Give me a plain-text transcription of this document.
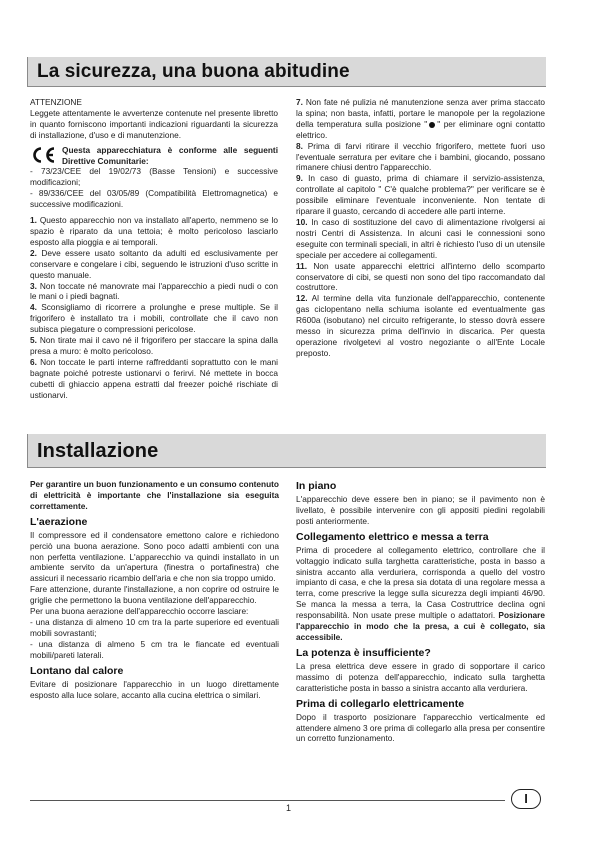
La sicurezza, una buona abitudine

ATTENZIONE

Leggete attentamente le avvertenze contenute nel presente libretto in quanto forniscono importanti indicazioni riguardanti la sicurezza di installazione, d'uso e di manutenzione.

Questa apparecchiatura è conforme alle seguenti Direttive Comunitarie:

- 73/23/CEE del 19/02/73 (Basse Tensioni) e successive modificazioni;

- 89/336/CEE del 03/05/89 (Compatibilità Elettromagnetica) e successive modificazioni.

1. Questo apparecchio non va installato all'aperto, nemmeno se lo spazio è riparato da una tettoia; è molto pericoloso lasciarlo esposto alla pioggia e ai temporali.

2. Deve essere usato soltanto da adulti ed esclusivamente per conservare e congelare i cibi, seguendo le istruzioni d'uso scritte in questo manuale.

3. Non toccate né manovrate mai l'apparecchio a piedi nudi o con le mani o i piedi bagnati.

4. Sconsigliamo di ricorrere a prolunghe e prese multiple. Se il frigorifero è installato tra i mobili, controllate che il cavo non subisca piegature o compressioni pericolose.

5. Non tirate mai il cavo né il frigorifero per staccare la spina dalla presa a muro: è molto pericoloso.

6. Non toccate le parti interne raffreddanti soprattutto con le mani bagnate poiché potreste ustionarvi o ferirvi. Né mettete in bocca cubetti di ghiaccio appena estratti dal freezer poiché rischiate di ustionarvi.

7. Non fate né pulizia né manutenzione senza aver prima staccato la spina; non basta, infatti, portare le manopole per la regolazione della temperatura sulla posizione " " per eliminare ogni contatto elettrico.

8. Prima di farvi ritirare il vecchio frigorifero, mettete fuori uso l'eventuale serratura per evitare che i bambini, giocando, possano rimanere chiusi dentro l'apparecchio.

9. In caso di guasto, prima di chiamare il servizio-assistenza, controllate al capitolo " C'è qualche problema?" per verificare se è possibile eliminare l'eventuale inconveniente. Non tentate di riparare il guasto, cercando di accedere alle parti interne.

10. In caso di sostituzione del cavo di alimentazione rivolgersi ai nostri Centri di Assistenza. In alcuni casi le connessioni sono eseguite con terminali speciali, in altri è richiesto l'uso di un utensile speciale per accedere ai collegamenti.

11. Non usate apparecchi elettrici all'interno dello scomparto conservatore di cibi, se questi non sono del tipo raccomandato dal costruttore.

12. Al termine della vita funzionale dell'apparecchio, contenente gas ciclopentano nella schiuma isolante ed eventualmente gas R600a (isobutano) nel circuito refrigerante, lo stesso dovrà essere messo in sicurezza prima dell'invio in discarica. Per questa operazione rivolgetevi al vostro negoziante o all'Ente Locale preposto.

Installazione

Per garantire un buon funzionamento e un consumo contenuto di elettricità è importante che l'installazione sia eseguita correttamente.

L'aerazione

Il compressore ed il condensatore emettono calore e richiedono perciò una buona aerazione. Sono poco adatti ambienti con una non perfetta ventilazione. L'apparecchio va quindi installato in un ambiente servito da un'apertura (finestra o portafinestra) che assicuri il necessario ricambio dell'aria e che non sia troppo umido.

Fare attenzione, durante l'installazione, a non coprire od ostruire le griglie che permettono la buona ventilazione dell'apparecchio.

Per una buona aerazione dell'apparecchio occorre lasciare:

- una distanza di almeno 10 cm tra la parte superiore ed eventuali mobili sovrastanti;

- una distanza di almeno 5 cm tra le fiancate ed eventuali mobili/pareti laterali.

Lontano dal calore

Evitare di posizionare l'apparecchio in un luogo direttamente esposto alla luce solare, accanto alla cucina elettrica o similari.

In piano

L'apparecchio deve essere ben in piano; se il pavimento non è livellato, è possibile intervenire con gli appositi piedini regolabili posti anteriormente.

Collegamento elettrico e messa a terra

Prima di procedere al collegamento elettrico, controllare che il voltaggio indicato sulla targhetta caratteristiche, posta in basso a sinistra accanto alla verduriera, corrisponda a quello del vostro impianto di casa, e che la presa sia dotata di una regolare messa a terra, come prescrive la legge sulla sicurezza degli impianti 46/90. Se manca la messa a terra, la Casa Costruttrice declina ogni responsabilità. Non usate prese multiple o adattatori. Posizionare l'apparecchio in modo che la presa, a cui è collegato, sia accessibile.

La potenza è insufficiente?

La presa elettrica deve essere in grado di sopportare il carico massimo di potenza dell'apparecchio, indicato sulla targhetta caratteristiche posta in basso a sinistra accanto alla verduriera.

Prima di collegarlo elettricamente

Dopo il trasporto posizionare l'apparecchio verticalmente ed attendere almeno 3 ore prima di collegarlo alla presa per consentire un corretto funzionamento.

1
I
